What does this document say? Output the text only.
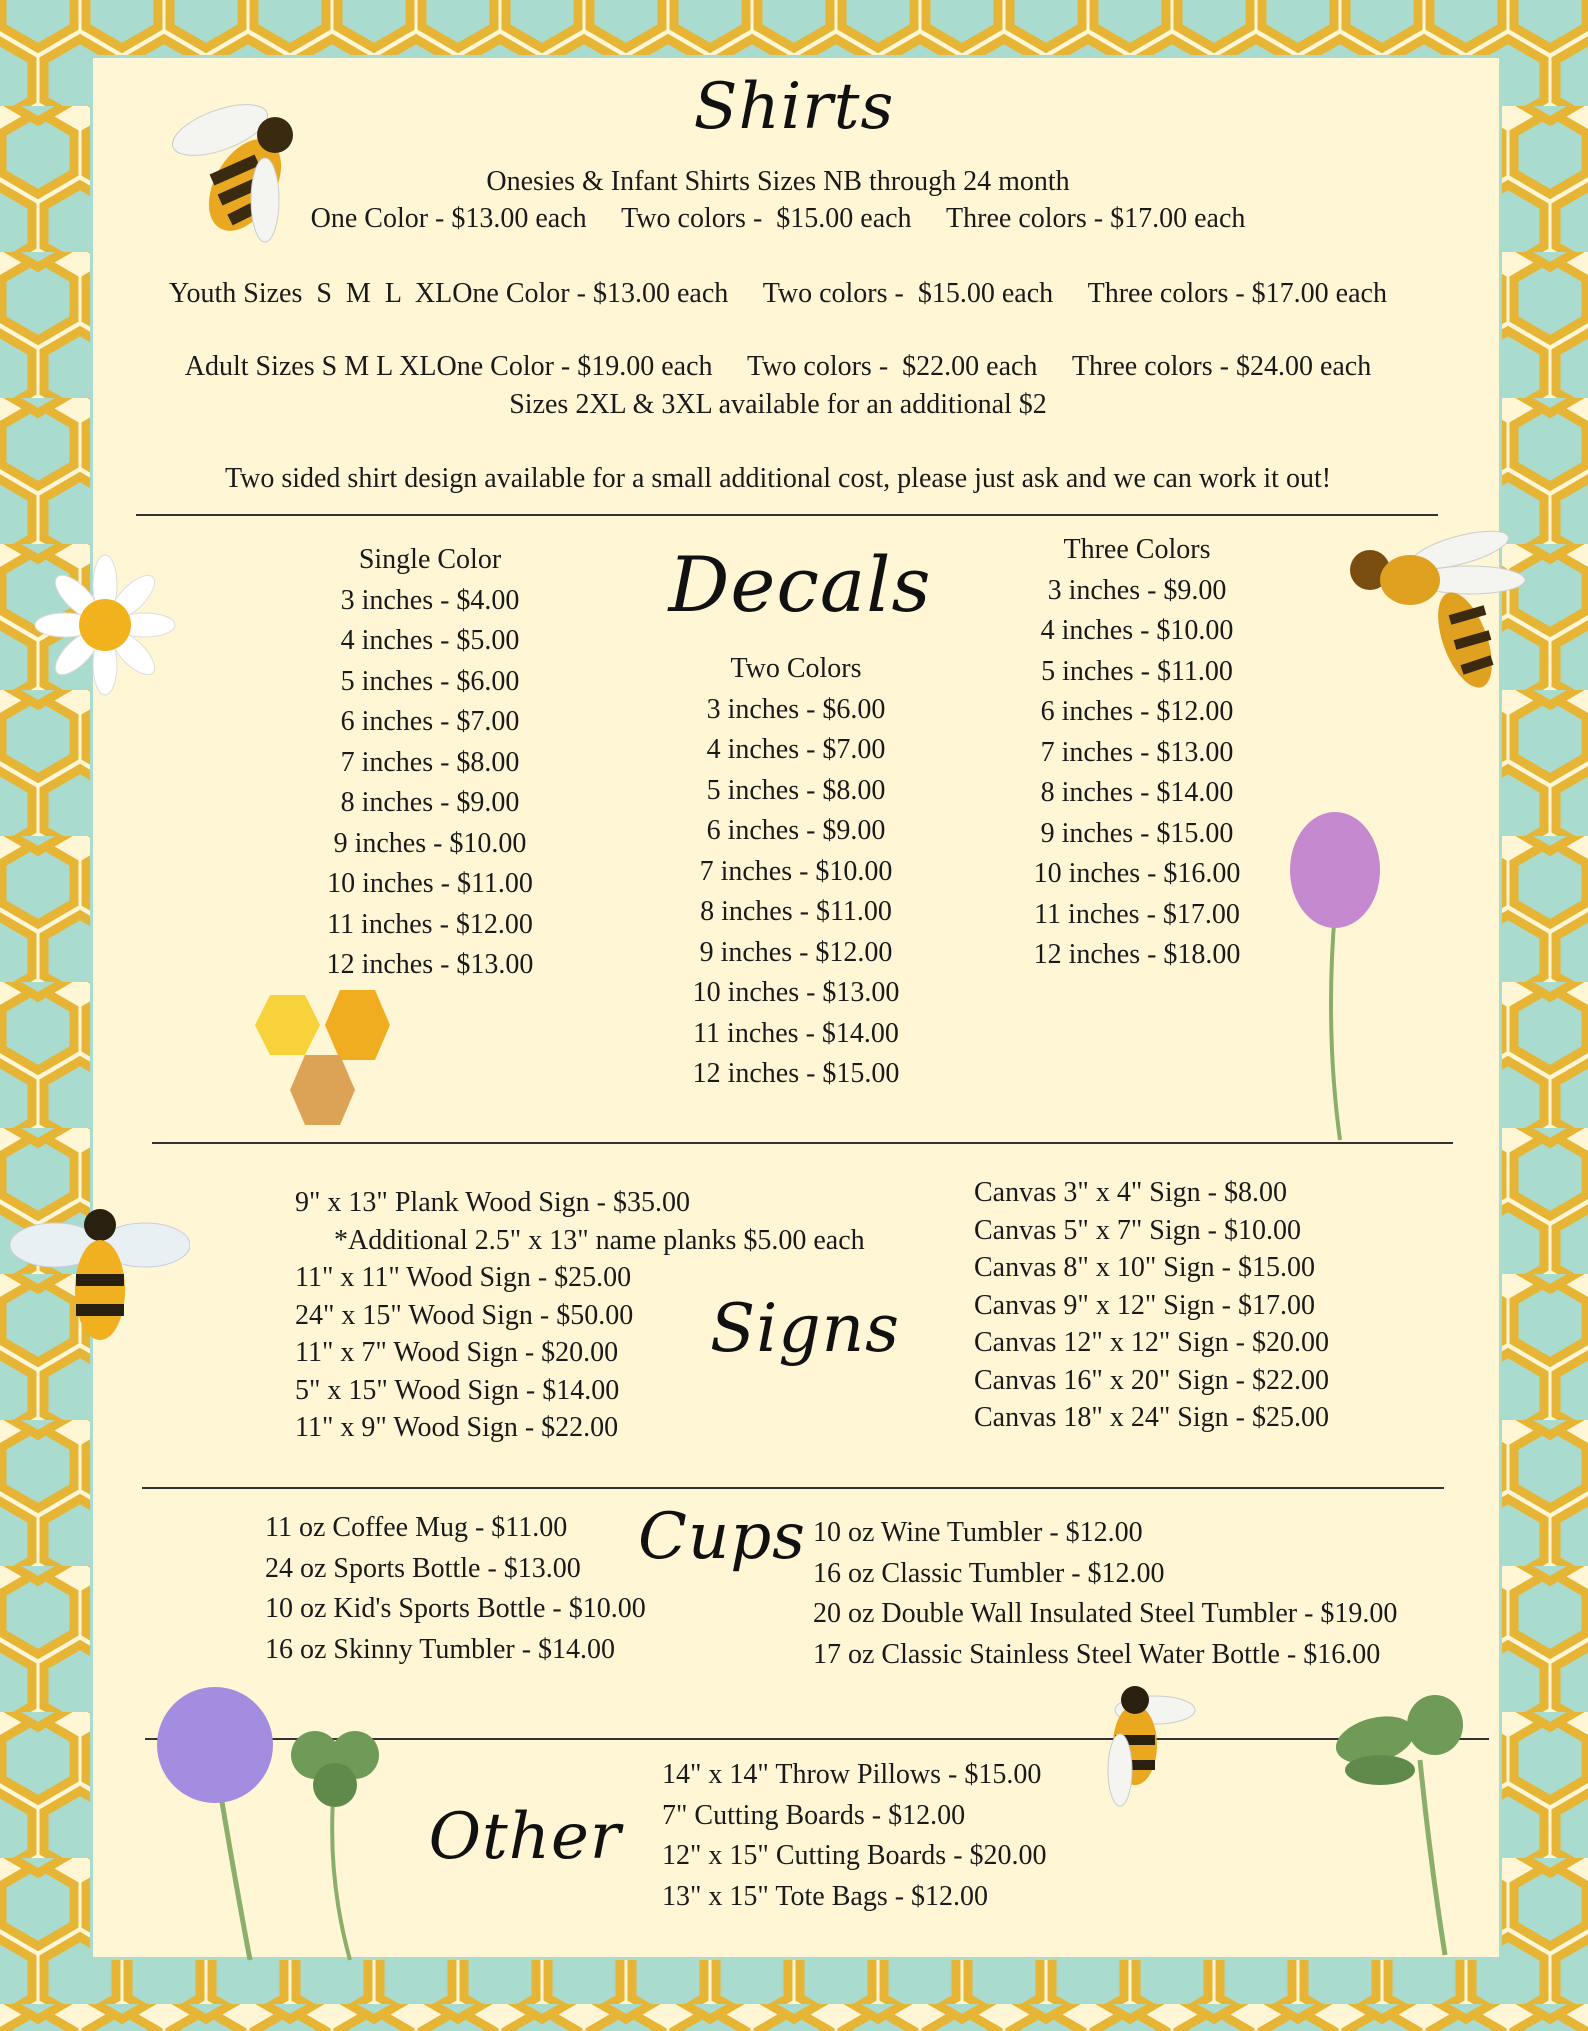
Shirts
Onesies & Infant Shirts Sizes NB through 24 month
One Color - $13.00 each     Two colors -  $15.00 each     Three colors - $17.00 each
Youth Sizes  S  M  L  XLOne Color - $13.00 each     Two colors -  $15.00 each     Three colors - $17.00 each
Adult Sizes S M L XLOne Color - $19.00 each     Two colors -  $22.00 each     Three colors - $24.00 each
Sizes 2XL & 3XL available for an additional $2
Two sided shirt design available for a small additional cost, please just ask and we can work it out!
Decals
Single Color
3 inches - $4.00
4 inches - $5.00
5 inches - $6.00
6 inches - $7.00
7 inches - $8.00
8 inches - $9.00
9 inches - $10.00
10 inches - $11.00
11 inches - $12.00
12 inches - $13.00
Two Colors
3 inches - $6.00
4 inches - $7.00
5 inches - $8.00
6 inches - $9.00
7 inches - $10.00
8 inches - $11.00
9 inches - $12.00
10 inches - $13.00
11 inches - $14.00
12 inches - $15.00
Three Colors
3 inches - $9.00
4 inches - $10.00
5 inches - $11.00
6 inches - $12.00
7 inches - $13.00
8 inches - $14.00
9 inches - $15.00
10 inches - $16.00
11 inches - $17.00
12 inches - $18.00
Signs
9" x 13" Plank Wood Sign - $35.00
*Additional 2.5" x 13" name planks $5.00 each
11" x 11" Wood Sign - $25.00
24" x 15" Wood Sign - $50.00
11" x 7" Wood Sign - $20.00
5" x 15" Wood Sign - $14.00
11" x 9" Wood Sign - $22.00
Canvas 3" x 4" Sign - $8.00
Canvas 5" x 7" Sign - $10.00
Canvas 8" x 10" Sign - $15.00
Canvas 9" x 12" Sign - $17.00
Canvas 12" x 12" Sign - $20.00
Canvas 16" x 20" Sign - $22.00
Canvas 18" x 24" Sign - $25.00
Cups
11 oz Coffee Mug - $11.00
24 oz Sports Bottle - $13.00
10 oz Kid's Sports Bottle - $10.00
16 oz Skinny Tumbler - $14.00
10 oz Wine Tumbler - $12.00
16 oz Classic Tumbler - $12.00
20 oz Double Wall Insulated Steel Tumbler - $19.00
17 oz Classic Stainless Steel Water Bottle - $16.00
Other
14" x 14" Throw Pillows - $15.00
7" Cutting Boards - $12.00
12" x 15" Cutting Boards - $20.00
13" x 15" Tote Bags - $12.00
